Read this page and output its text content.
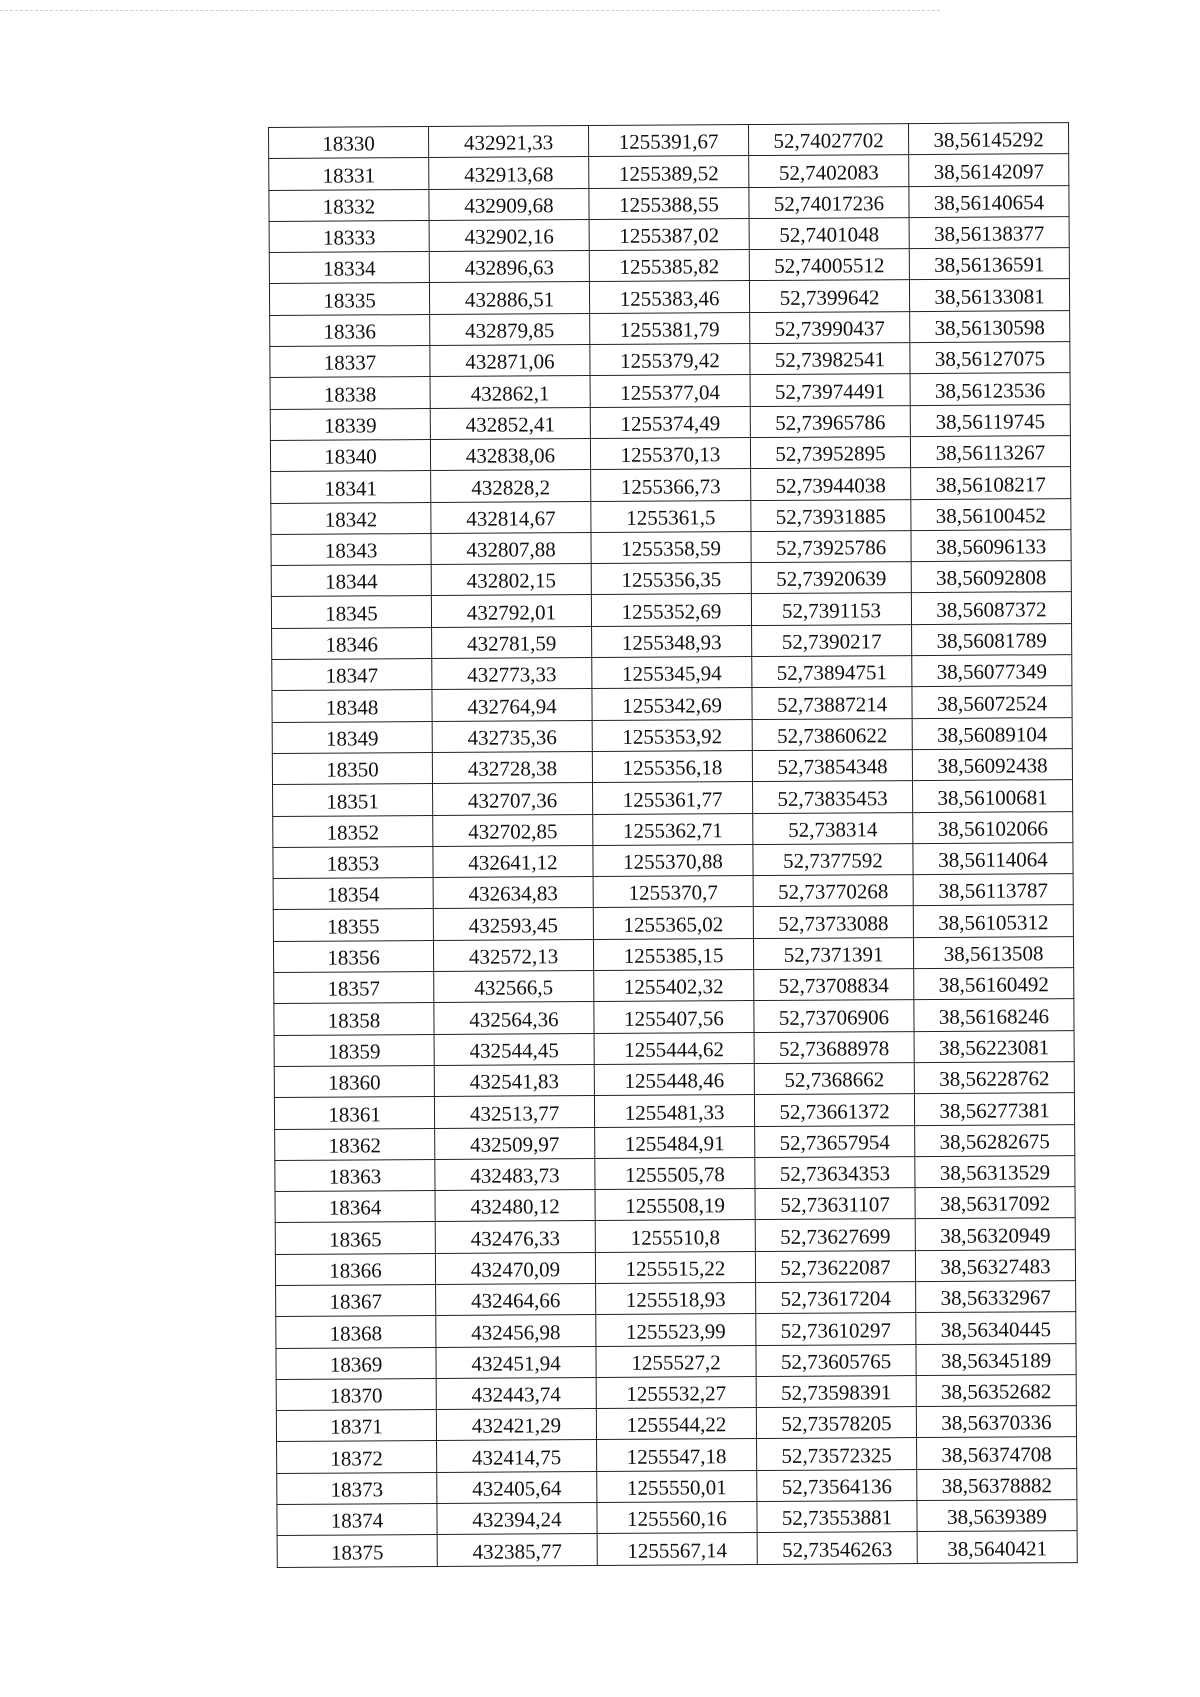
18330	432921,33	1255391,67	52,74027702	38,56145292
18331	432913,68	1255389,52	52,7402083	38,56142097
18332	432909,68	1255388,55	52,74017236	38,56140654
18333	432902,16	1255387,02	52,7401048	38,56138377
18334	432896,63	1255385,82	52,74005512	38,56136591
18335	432886,51	1255383,46	52,7399642	38,56133081
18336	432879,85	1255381,79	52,73990437	38,56130598
18337	432871,06	1255379,42	52,73982541	38,56127075
18338	432862,1	1255377,04	52,73974491	38,56123536
18339	432852,41	1255374,49	52,73965786	38,56119745
18340	432838,06	1255370,13	52,73952895	38,56113267
18341	432828,2	1255366,73	52,73944038	38,56108217
18342	432814,67	1255361,5	52,73931885	38,56100452
18343	432807,88	1255358,59	52,73925786	38,56096133
18344	432802,15	1255356,35	52,73920639	38,56092808
18345	432792,01	1255352,69	52,7391153	38,56087372
18346	432781,59	1255348,93	52,7390217	38,56081789
18347	432773,33	1255345,94	52,73894751	38,56077349
18348	432764,94	1255342,69	52,73887214	38,56072524
18349	432735,36	1255353,92	52,73860622	38,56089104
18350	432728,38	1255356,18	52,73854348	38,56092438
18351	432707,36	1255361,77	52,73835453	38,56100681
18352	432702,85	1255362,71	52,738314	38,56102066
18353	432641,12	1255370,88	52,7377592	38,56114064
18354	432634,83	1255370,7	52,73770268	38,56113787
18355	432593,45	1255365,02	52,73733088	38,56105312
18356	432572,13	1255385,15	52,7371391	38,5613508
18357	432566,5	1255402,32	52,73708834	38,56160492
18358	432564,36	1255407,56	52,73706906	38,56168246
18359	432544,45	1255444,62	52,73688978	38,56223081
18360	432541,83	1255448,46	52,7368662	38,56228762
18361	432513,77	1255481,33	52,73661372	38,56277381
18362	432509,97	1255484,91	52,73657954	38,56282675
18363	432483,73	1255505,78	52,73634353	38,56313529
18364	432480,12	1255508,19	52,73631107	38,56317092
18365	432476,33	1255510,8	52,73627699	38,56320949
18366	432470,09	1255515,22	52,73622087	38,56327483
18367	432464,66	1255518,93	52,73617204	38,56332967
18368	432456,98	1255523,99	52,73610297	38,56340445
18369	432451,94	1255527,2	52,73605765	38,56345189
18370	432443,74	1255532,27	52,73598391	38,56352682
18371	432421,29	1255544,22	52,73578205	38,56370336
18372	432414,75	1255547,18	52,73572325	38,56374708
18373	432405,64	1255550,01	52,73564136	38,56378882
18374	432394,24	1255560,16	52,73553881	38,5639389
18375	432385,77	1255567,14	52,73546263	38,5640421
